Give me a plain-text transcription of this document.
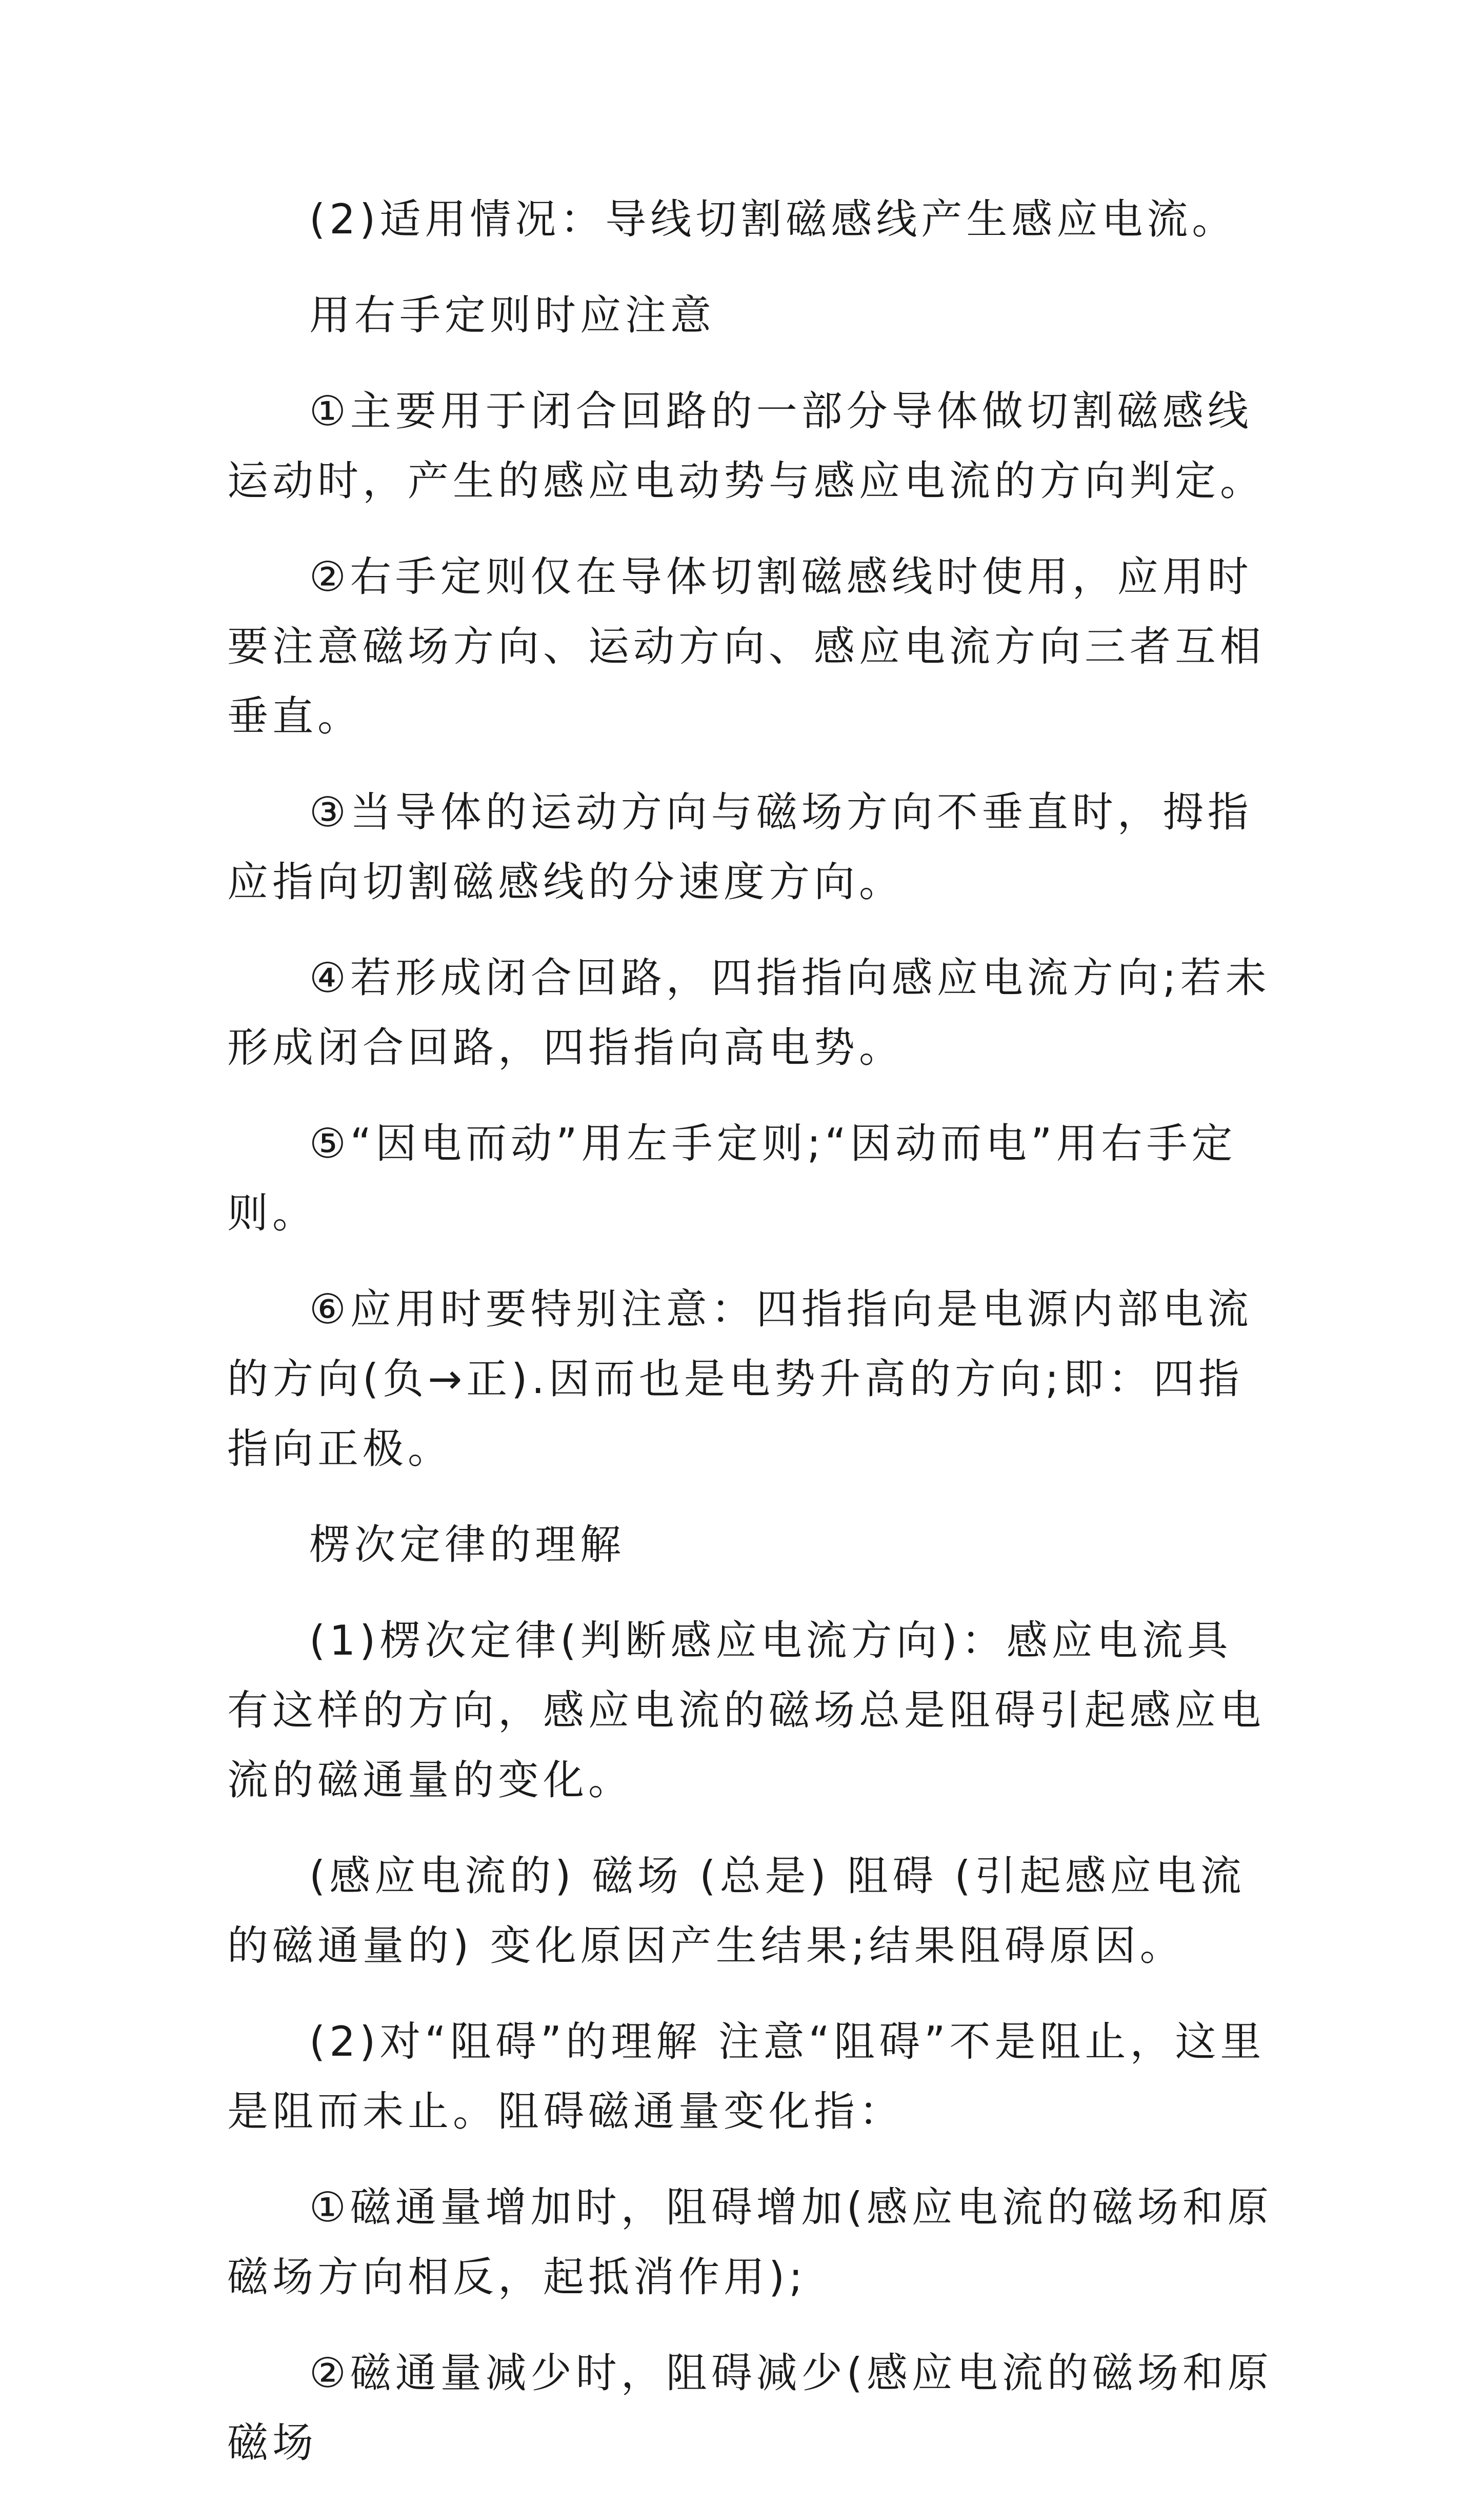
(2)适用情况：导线切割磁感线产生感应电流。

用右手定则时应注意

①主要用于闭合回路的一部分导体做切割磁感线运动时，产生的感应电动势与感应电流的方向判定。

②右手定则仅在导体切割磁感线时使用，应用时要注意磁场方向、运动方向、感应电流方向三者互相垂直。

③当导体的运动方向与磁场方向不垂直时，拇指应指向切割磁感线的分速度方向。

④若形成闭合回路，四指指向感应电流方向;若未形成闭合回路，四指指向高电势。

⑤“因电而动”用左手定则;“因动而电”用右手定则。

⑥应用时要特别注意：四指指向是电源内部电流的方向(负→正).因而也是电势升高的方向;即：四指指向正极。

楞次定律的理解

(1)楞次定律(判断感应电流方向)：感应电流具有这样的方向，感应电流的磁场总是阻碍引起感应电流的磁通量的变化。

(感应电流的) 磁场 (总是) 阻碍 (引起感应电流的磁通量的) 变化原因产生结果;结果阻碍原因。

(2)对“阻碍”的理解 注意“阻碍”不是阻止，这里是阻而未止。阻碍磁通量变化指：

①磁通量增加时，阻碍增加(感应电流的磁场和原磁场方向相反，起抵消作用);

②磁通量减少时，阻碍减少(感应电流的磁场和原磁场
